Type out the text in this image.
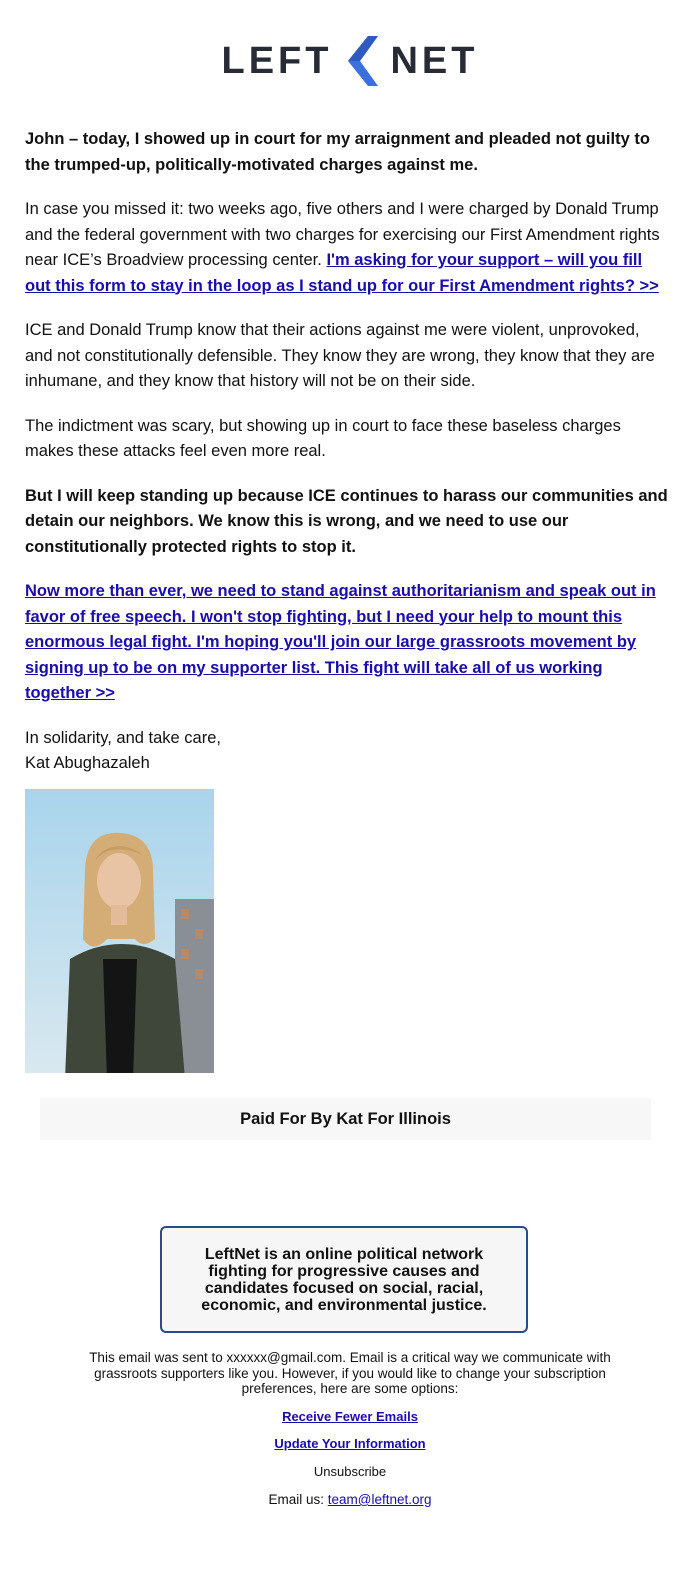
LEFT NET

John – today, I showed up in court for my arraignment and pleaded not guilty to the trumped-up, politically-motivated charges against me.

In case you missed it: two weeks ago, five others and I were charged by Donald Trump and the federal government with two charges for exercising our First Amendment rights near ICE’s Broadview processing center. I'm asking for your support – will you fill out this form to stay in the loop as I stand up for our First Amendment rights? >>

ICE and Donald Trump know that their actions against me were violent, unprovoked, and not constitutionally defensible. They know they are wrong, they know that they are inhumane, and they know that history will not be on their side.

The indictment was scary, but showing up in court to face these baseless charges makes these attacks feel even more real.

But I will keep standing up because ICE continues to harass our communities and detain our neighbors. We know this is wrong, and we need to use our constitutionally protected rights to stop it.

Now more than ever, we need to stand against authoritarianism and speak out in favor of free speech. I won't stop fighting, but I need your help to mount this enormous legal fight. I'm hoping you'll join our large grassroots movement by signing up to be on my supporter list. This fight will take all of us working together >>

In solidarity, and take care,
Kat Abughazaleh

Paid For By Kat For Illinois
LeftNet is an online political network fighting for progressive causes and candidates focused on social, racial, economic, and environmental justice.
This email was sent to xxxxxx@gmail.com. Email is a critical way we communicate with grassroots supporters like you. However, if you would like to change your subscription preferences, here are some options:
Receive Fewer Emails
Update Your Information
Unsubscribe
Email us: team@leftnet.org
